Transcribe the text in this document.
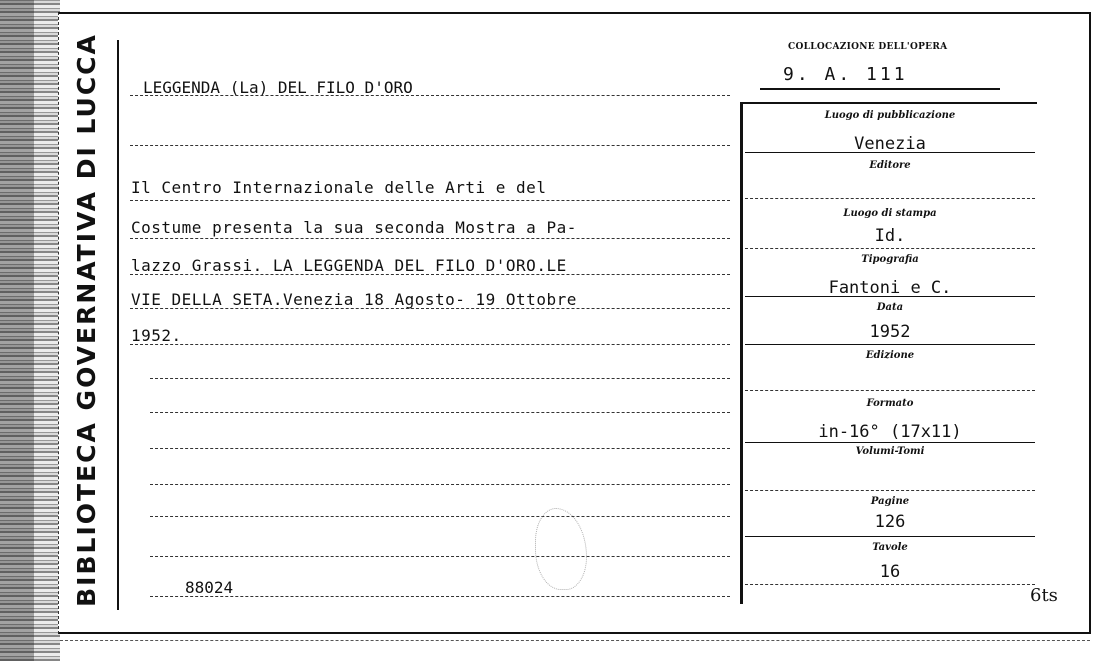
BIBLIOTECA GOVERNATIVA DI LUCCA	LEGGENDA (La) DEL FILO D'ORO
Il Centro Internazionale delle Arti e del
Costume presenta la sua seconda Mostra a Pa-
lazzo Grassi. LA LEGGENDA DEL FILO D'ORO.LE
VIE DELLA SETA.Venezia 18 Agosto- 19 Ottobre
1952.
88024
COLLOCAZIONE DELL'OPERA
9. A. 111
Luogo di pubblicazione
Venezia
Editore
Luogo di stampa
Id.
Tipografia
Fantoni e C.
Data
1952
Edizione
Formato
in-16° (17x11)
Volumi-Tomi
Pagine
126
Tavole
16
6ts
